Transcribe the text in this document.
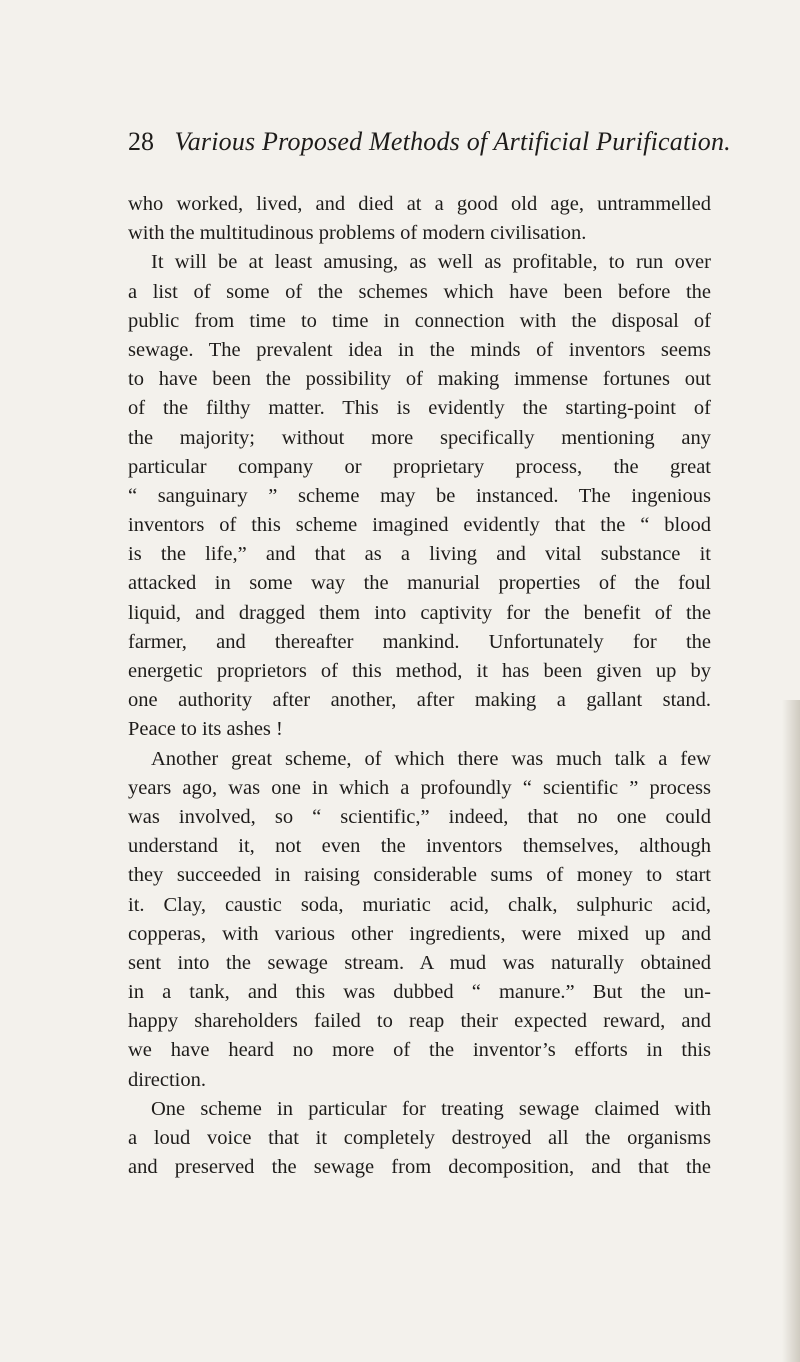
28 Various Proposed Methods of Artificial Purification.
who worked, lived, and died at a good old age, untrammelled
with the multitudinous problems of modern civilisation.
It will be at least amusing, as well as profitable, to run over
a list of some of the schemes which have been before the
public from time to time in connection with the disposal of
sewage. The prevalent idea in the minds of inventors seems
to have been the possibility of making immense fortunes out
of the filthy matter. This is evidently the starting-point of
the majority; without more specifically mentioning any
particular company or proprietary process, the great
“ sanguinary ” scheme may be instanced. The ingenious
inventors of this scheme imagined evidently that the “ blood
is the life,” and that as a living and vital substance it
attacked in some way the manurial properties of the foul
liquid, and dragged them into captivity for the benefit of the
farmer, and thereafter mankind. Unfortunately for the
energetic proprietors of this method, it has been given up by
one authority after another, after making a gallant stand.
Peace to its ashes !
Another great scheme, of which there was much talk a few
years ago, was one in which a profoundly “ scientific ” process
was involved, so “ scientific,” indeed, that no one could
understand it, not even the inventors themselves, although
they succeeded in raising considerable sums of money to start
it. Clay, caustic soda, muriatic acid, chalk, sulphuric acid,
copperas, with various other ingredients, were mixed up and
sent into the sewage stream. A mud was naturally obtained
in a tank, and this was dubbed “ manure.” But the un-
happy shareholders failed to reap their expected reward, and
we have heard no more of the inventor’s efforts in this
direction.
One scheme in particular for treating sewage claimed with
a loud voice that it completely destroyed all the organisms
and preserved the sewage from decomposition, and that the
